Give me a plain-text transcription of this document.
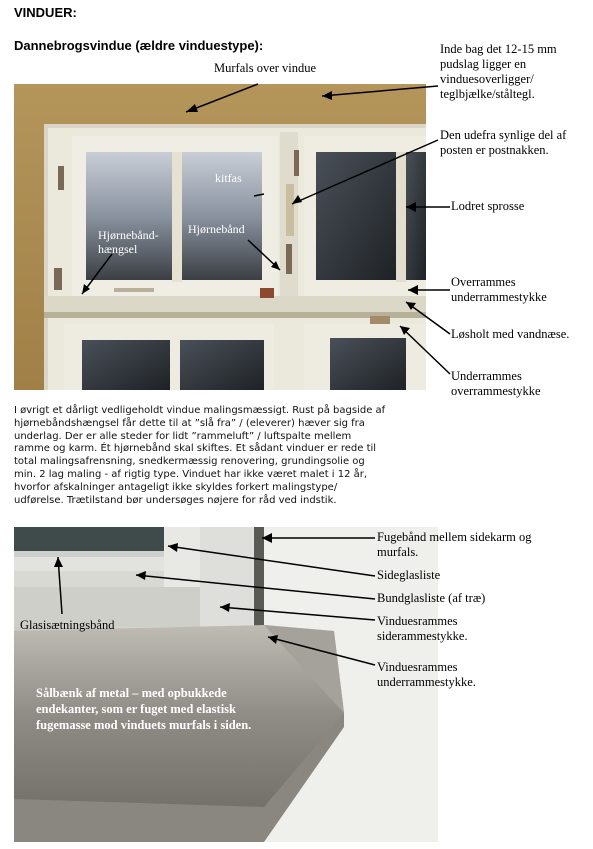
VINDUER:
Dannebrogsvindue (ældre vinduestype):
Murfals over vindue
kitfas
Hjørnebånd
Hjørnebånd-
hængsel
Inde bag det 12-15 mm
pudslag ligger en
vinduesoverligger/
teglbjælke/ståltegl.
Den udefra synlige del af
posten er postnakken.
Lodret sprosse
Overrammes
underrammestykke
Løsholt med vandnæse.
Underrammes
overrammestykke
I øvrigt et dårligt vedligeholdt vindue malingsmæssigt. Rust på bagside af
hjørnebåndshængsel får dette til at ”slå fra” / (eleverer) hæver sig fra
underlag. Der er alle steder for lidt ”rammeluft” / luftspalte mellem
ramme og karm. Ét hjørnebånd skal skiftes. Et sådant vinduer er rede til
total malingsafrensning, snedkermæssig renovering, grundingsolie og
min. 2 lag maling - af rigtig type. Vinduet har ikke været malet i 12 år,
hvorfor afskalninger antageligt ikke skyldes forkert malingstype/
udførelse. Trætilstand bør undersøges nøjere for råd ved indstik.
Glasisætningsbånd
Sålbænk af metal – med opbukkede
endekanter, som er fuget med elastisk
fugemasse mod vinduets murfals i siden.
Fugebånd mellem sidekarm og
murfals.
Sideglasliste
Bundglasliste (af træ)
Vinduesrammes
siderammestykke.
Vinduesrammes
underrammestykke.
